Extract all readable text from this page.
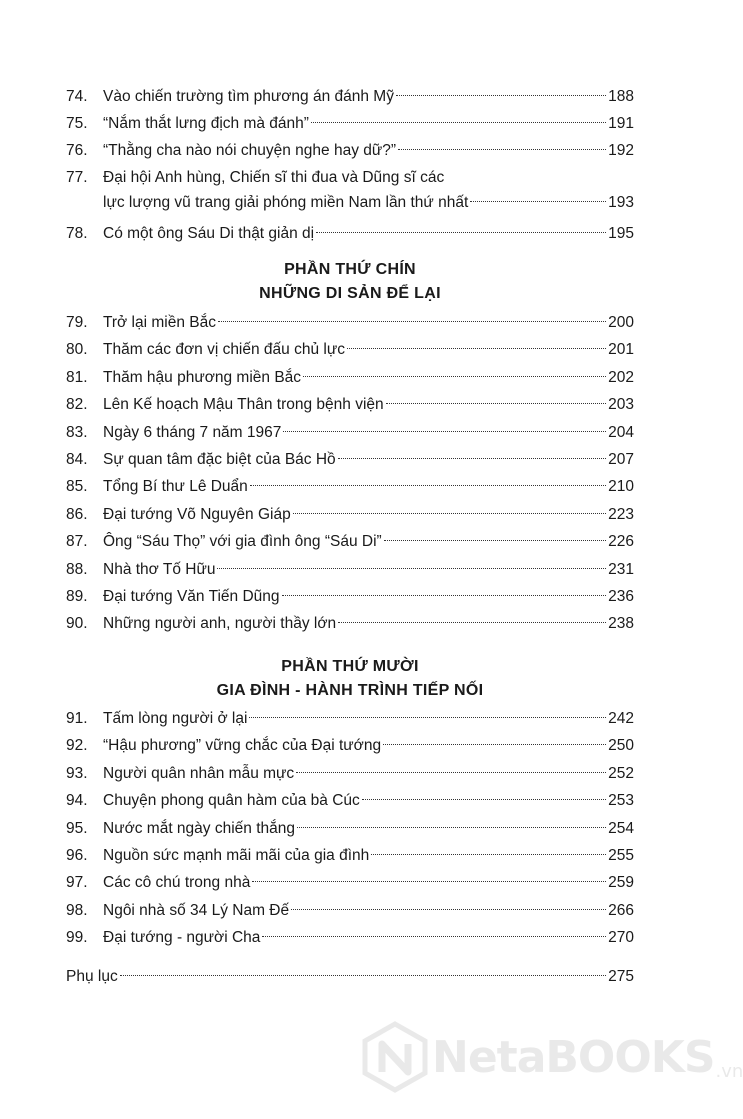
74. Vào chiến trường tìm phương án đánh Mỹ	188
75. “Nắm thắt lưng địch mà đánh”	191
76. “Thằng cha nào nói chuyện nghe hay dữ?”	192
77. Đại hội Anh hùng, Chiến sĩ thi đua và Dũng sĩ các
lực lượng vũ trang giải phóng miền Nam lần thứ nhất	193
78. Có một ông Sáu Di thật giản dị	195
PHẦN THỨ CHÍN
NHỮNG DI SẢN ĐỂ LẠI
79. Trở lại miền Bắc	200
80. Thăm các đơn vị chiến đấu chủ lực	201
81. Thăm hậu phương miền Bắc	202
82. Lên Kế hoạch Mậu Thân trong bệnh viện	203
83. Ngày 6 tháng 7 năm 1967	204
84. Sự quan tâm đặc biệt của Bác Hồ	207
85. Tổng Bí thư Lê Duẩn	210
86. Đại tướng Võ Nguyên Giáp	223
87. Ông “Sáu Thọ” với gia đình ông “Sáu Di”	226
88. Nhà thơ Tố Hữu	231
89. Đại tướng Văn Tiến Dũng	236
90. Những người anh, người thầy lớn	238
PHẦN THỨ MƯỜI
GIA ĐÌNH - HÀNH TRÌNH TIẾP NỐI
91. Tấm lòng người ở lại	242
92. “Hậu phương” vững chắc của Đại tướng	250
93. Người quân nhân mẫu mực	252
94. Chuyện phong quân hàm của bà Cúc	253
95. Nước mắt ngày chiến thắng	254
96. Nguồn sức mạnh mãi mãi của gia đình	255
97. Các cô chú trong nhà	259
98. Ngôi nhà số 34 Lý Nam Đế	266
99. Đại tướng - người Cha	270
Phụ lục	275
NetaBOOKS .vn
